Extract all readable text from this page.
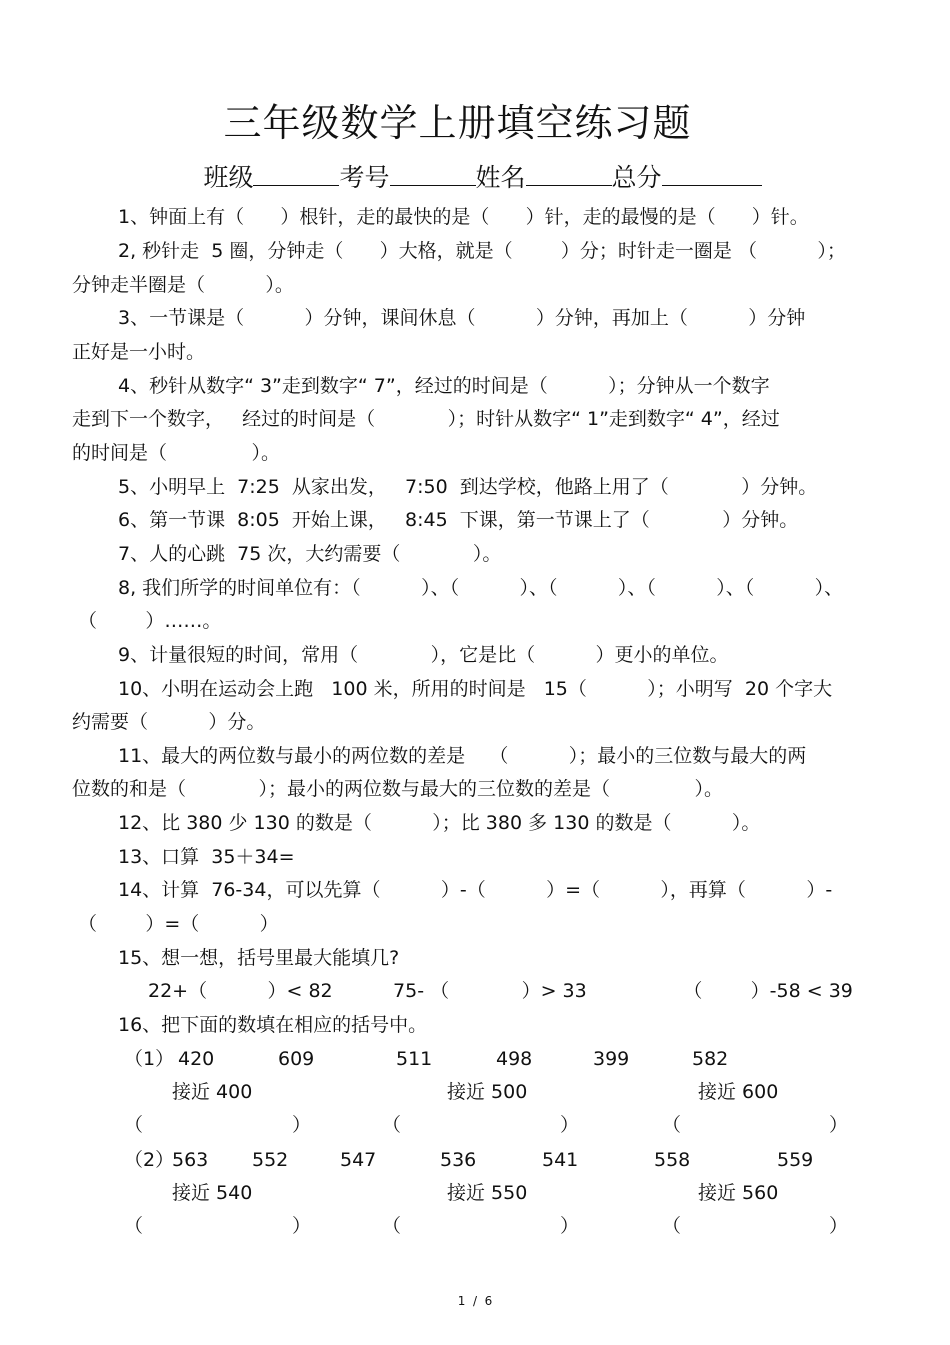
三年级数学上册填空练习题
班级	考号	姓名	总分
1、钟面上有（      ）根针，走的最快的是（      ）针，走的最慢的是（      ）针。
2, 秒针走  5 圈，分钟走（      ）大格，就是（        ）分；时针走一圈是 （          ）；
分钟走半圈是（          ）。
3、一节课是（          ）分钟，课间休息（          ）分钟，再加上（          ）分钟
正好是一小时。
4、秒针从数字“ 3”走到数字“ 7”，经过的时间是（          ）；分钟从一个数字
走到下一个数字，   经过的时间是（            ）；时针从数字“ 1”走到数字“ 4”，经过
的时间是（              ）。
5、小明早上  7:25  从家出发，   7:50  到达学校，他路上用了（            ）分钟。
6、第一节课  8:05  开始上课，   8:45  下课，第一节课上了（            ）分钟。
7、人的心跳  75 次，大约需要（            ）。
8, 我们所学的时间单位有：（          ）、（          ）、（          ）、（          ）、（          ）、
（        ）……。
9、计量很短的时间，常用（            ），它是比（          ）更小的单位。
10、小明在运动会上跑   100 米，所用的时间是   15（          ）；小明写  20 个字大
约需要（          ）分。
11、最大的两位数与最小的两位数的差是    （          ）；最小的三位数与最大的两
位数的和是（            ）；最小的两位数与最大的三位数的差是（              ）。
12、比 380 少 130 的数是（          ）；比 380 多 130 的数是（          ）。
13、口算  35＋34=
14、计算  76-34，可以先算（          ）-（          ）=（          ），再算（          ）-
（        ）=（          ）
15、想一想，括号里最大能填几?
22+（          ）< 82          75- （            ）> 33                （        ）-58 < 39
16、把下面的数填在相应的括号中。
（1） 420	609	511	498	399	582
接近 400	接近 500	接近 600
（	）	（	）	（	）
（2）
563 552	547	536	541	558	559
接近 540	接近 550	接近 560
（	）	（	）	（	）
1  /  6
